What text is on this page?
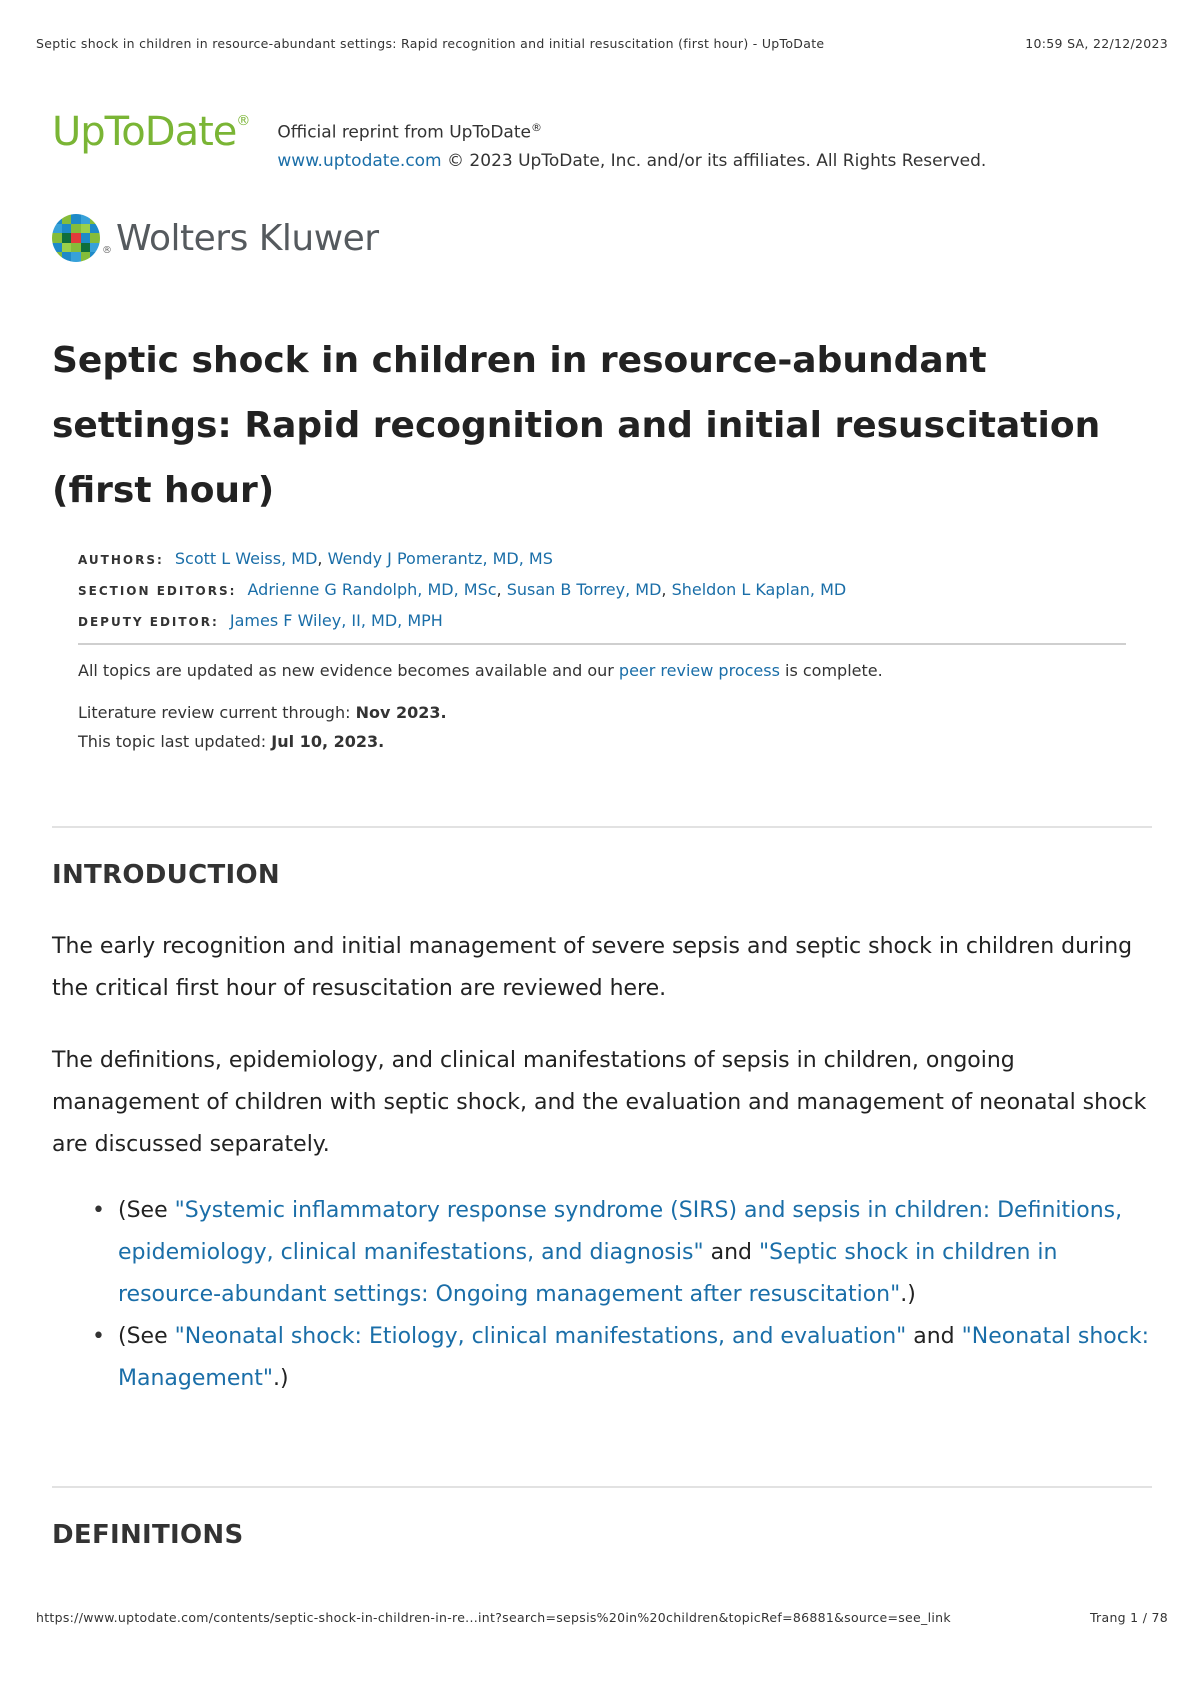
Septic shock in children in resource-abundant settings: Rapid recognition and initial resuscitation (first hour) - UpToDate	10:59 SA, 22/12/2023
UpToDate®
Official reprint from UpToDate®
www.uptodate.com © 2023 UpToDate, Inc. and/or its affiliates. All Rights Reserved.
® Wolters Kluwer
Septic shock in children in resource-abundant settings: Rapid recognition and initial resuscitation (first hour)
AUTHORS: Scott L Weiss, MD, Wendy J Pomerantz, MD, MS
SECTION EDITORS: Adrienne G Randolph, MD, MSc, Susan B Torrey, MD, Sheldon L Kaplan, MD
DEPUTY EDITOR: James F Wiley, II, MD, MPH

All topics are updated as new evidence becomes available and our peer review process is complete.

Literature review current through: Nov 2023.

This topic last updated: Jul 10, 2023.

INTRODUCTION

The early recognition and initial management of severe sepsis and septic shock in children during the critical first hour of resuscitation are reviewed here.

The definitions, epidemiology, and clinical manifestations of sepsis in children, ongoing management of children with septic shock, and the evaluation and management of neonatal shock are discussed separately.

• (See "Systemic inflammatory response syndrome (SIRS) and sepsis in children: Definitions, epidemiology, clinical manifestations, and diagnosis" and "Septic shock in children in resource-abundant settings: Ongoing management after resuscitation".)
• (See "Neonatal shock: Etiology, clinical manifestations, and evaluation" and "Neonatal shock: Management".)
DEFINITIONS
https://www.uptodate.com/contents/septic-shock-in-children-in-re...int?search=sepsis%20in%20children&topicRef=86881&source=see_link	Trang 1 / 78
